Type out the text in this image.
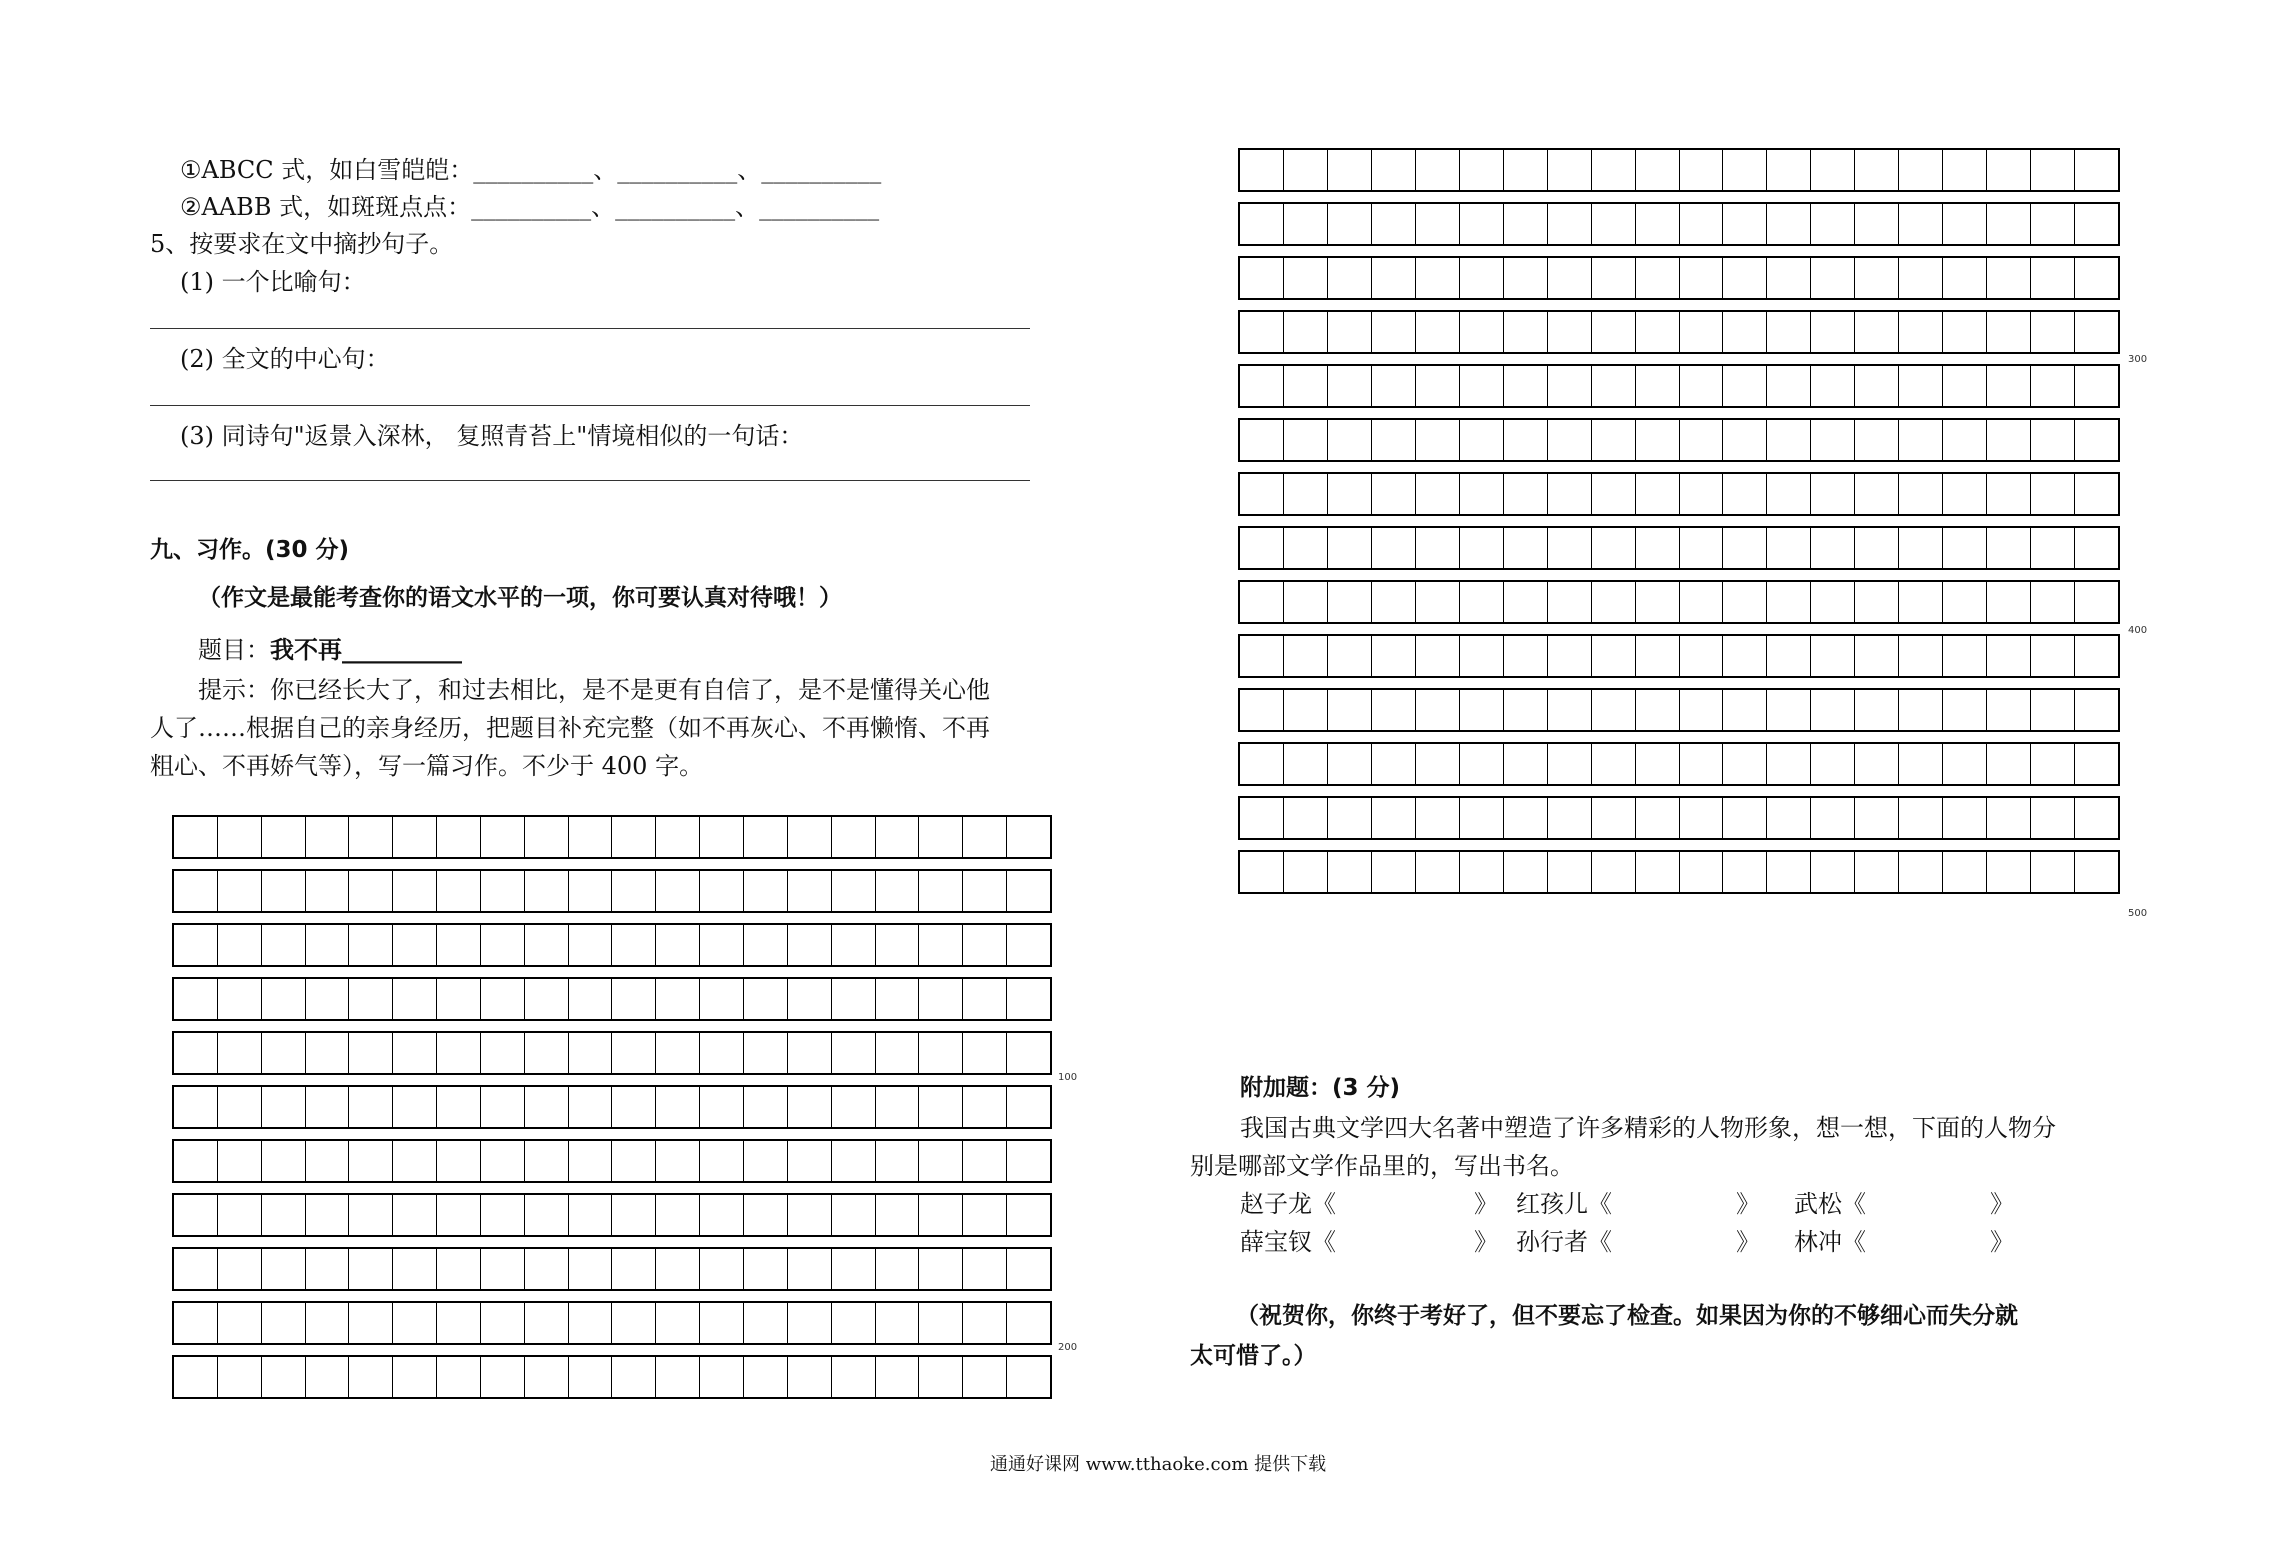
①ABCC 式，如白雪皑皑：__________、__________、__________
②AABB 式，如斑斑点点：__________、__________、__________
5、按要求在文中摘抄句子。
(1) 一个比喻句：
(2) 全文的中心句：
(3) 同诗句"返景入深林， 复照青苔上"情境相似的一句话：
九、习作。(30 分)
（作文是最能考查你的语文水平的一项，你可要认真对待哦！）
题目：我不再__________
提示：你已经长大了，和过去相比，是不是更有自信了，是不是懂得关心他
人了……根据自己的亲身经历，把题目补充完整（如不再灰心、不再懒惰、不再
粗心、不再娇气等），写一篇习作。不少于 400 字。
100
200
300
400
500
附加题：(3 分)
我国古典文学四大名著中塑造了许多精彩的人物形象，想一想，下面的人物分
别是哪部文学作品里的，写出书名。
赵子龙《	》 红孩儿《	》 武松《	》
薛宝钗《	》 孙行者《	》 林冲《	》
（祝贺你，你终于考好了，但不要忘了检查。如果因为你的不够细心而失分就
太可惜了。）
通通好课网 www.tthaoke.com 提供下载
